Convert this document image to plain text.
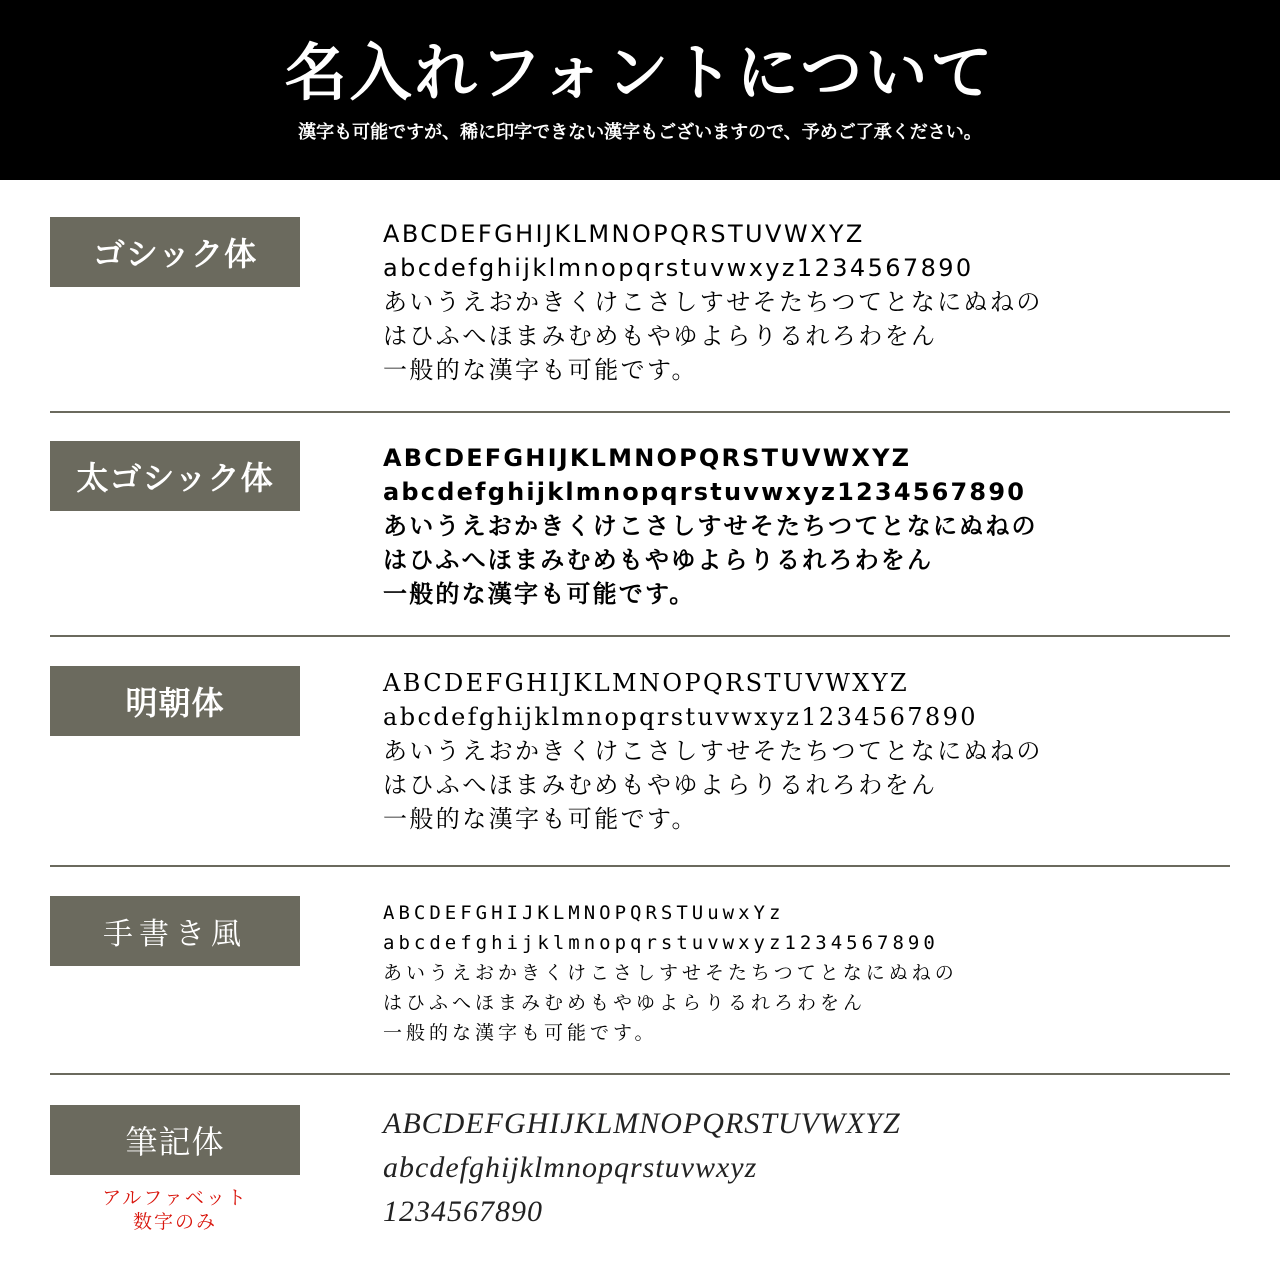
名入れフォントについて
漢字も可能ですが、稀に印字できない漢字もございますので、予めご了承ください。
ゴシック体
ABCDEFGHIJKLMNOPQRSTUVWXYZ
abcdefghijklmnopqrstuvwxyz1234567890
あいうえおかきくけこさしすせそたちつてとなにぬねの
はひふへほまみむめもやゆよらりるれろわをん
一般的な漢字も可能です。
太ゴシック体
ABCDEFGHIJKLMNOPQRSTUVWXYZ
abcdefghijklmnopqrstuvwxyz1234567890
あいうえおかきくけこさしすせそたちつてとなにぬねの
はひふへほまみむめもやゆよらりるれろわをん
一般的な漢字も可能です。
明朝体
ABCDEFGHIJKLMNOPQRSTUVWXYZ
abcdefghijklmnopqrstuvwxyz1234567890
あいうえおかきくけこさしすせそたちつてとなにぬねの
はひふへほまみむめもやゆよらりるれろわをん
一般的な漢字も可能です。
手書き風
ABCDEFGHIJKLMNOPQRSTUuwxYz
abcdefghijklmnopqrstuvwxyz1234567890
あいうえおかきくけこさしすせそたちつてとなにぬねの
はひふへほまみむめもやゆよらりるれろわをん
一般的な漢字も可能です。
筆記体
アルファベット
数字のみ
ABCDEFGHIJKLMNOPQRSTUVWXYZ
abcdefghijklmnopqrstuvwxyz
1234567890
